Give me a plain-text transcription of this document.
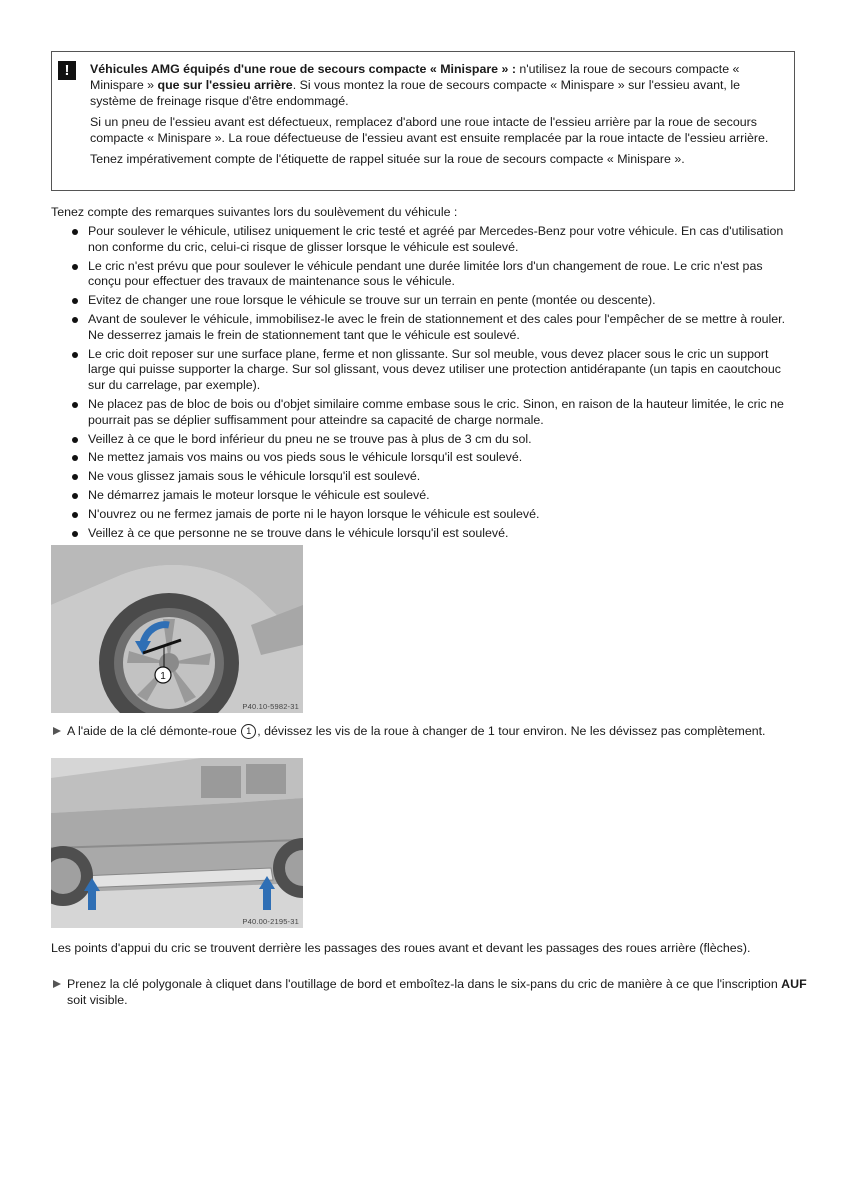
!	Véhicules AMG équipés d'une roue de secours compacte « Minispare » : n'utilisez la roue de secours compacte « Minispare » que sur l'essieu arrière. Si vous montez la roue de secours compacte « Minispare » sur l'essieu avant, le système de freinage risque d'être endommagé.

Si un pneu de l'essieu avant est défectueux, remplacez d'abord une roue intacte de l'essieu arrière par la roue de secours compacte « Minispare ». La roue défectueuse de l'essieu avant est ensuite remplacée par la roue intacte de l'essieu arrière.

Tenez impérativement compte de l'étiquette de rappel située sur la roue de secours compacte « Minispare ».

Tenez compte des remarques suivantes lors du soulèvement du véhicule :

Pour soulever le véhicule, utilisez uniquement le cric testé et agréé par Mercedes-Benz pour votre véhicule. En cas d'utilisation non conforme du cric, celui-ci risque de glisser lorsque le véhicule est soulevé.
Le cric n'est prévu que pour soulever le véhicule pendant une durée limitée lors d'un changement de roue. Le cric n'est pas conçu pour effectuer des travaux de maintenance sous le véhicule.
Evitez de changer une roue lorsque le véhicule se trouve sur un terrain en pente (montée ou descente).
Avant de soulever le véhicule, immobilisez-le avec le frein de stationnement et des cales pour l'empêcher de se mettre à rouler. Ne desserrez jamais le frein de stationnement tant que le véhicule est soulevé.
Le cric doit reposer sur une surface plane, ferme et non glissante. Sur sol meuble, vous devez placer sous le cric un support large qui puisse supporter la charge. Sur sol glissant, vous devez utiliser une protection antidérapante (un tapis en caoutchouc sur du carrelage, par exemple).
Ne placez pas de bloc de bois ou d'objet similaire comme embase sous le cric. Sinon, en raison de la hauteur limitée, le cric ne pourrait pas se déplier suffisamment pour atteindre sa capacité de charge normale.
Veillez à ce que le bord inférieur du pneu ne se trouve pas à plus de 3 cm du sol.
Ne mettez jamais vos mains ou vos pieds sous le véhicule lorsqu'il est soulevé.
Ne vous glissez jamais sous le véhicule lorsqu'il est soulevé.
Ne démarrez jamais le moteur lorsque le véhicule est soulevé.
N'ouvrez ou ne fermez jamais de porte ni le hayon lorsque le véhicule est soulevé.
Veillez à ce que personne ne se trouve dans le véhicule lorsqu'il est soulevé.
1
P40.10-5982-31

A l'aide de la clé démonte-roue 1 , dévissez les vis de la roue à changer de 1 tour environ. Ne les dévissez pas complètement.

P40.00-2195-31

Les points d'appui du cric se trouvent derrière les passages des roues avant et devant les passages des roues arrière (flèches).

Prenez la clé polygonale à cliquet dans l'outillage de bord et emboîtez-la dans le six-pans du cric de manière à ce que l'inscription AUF soit visible.
